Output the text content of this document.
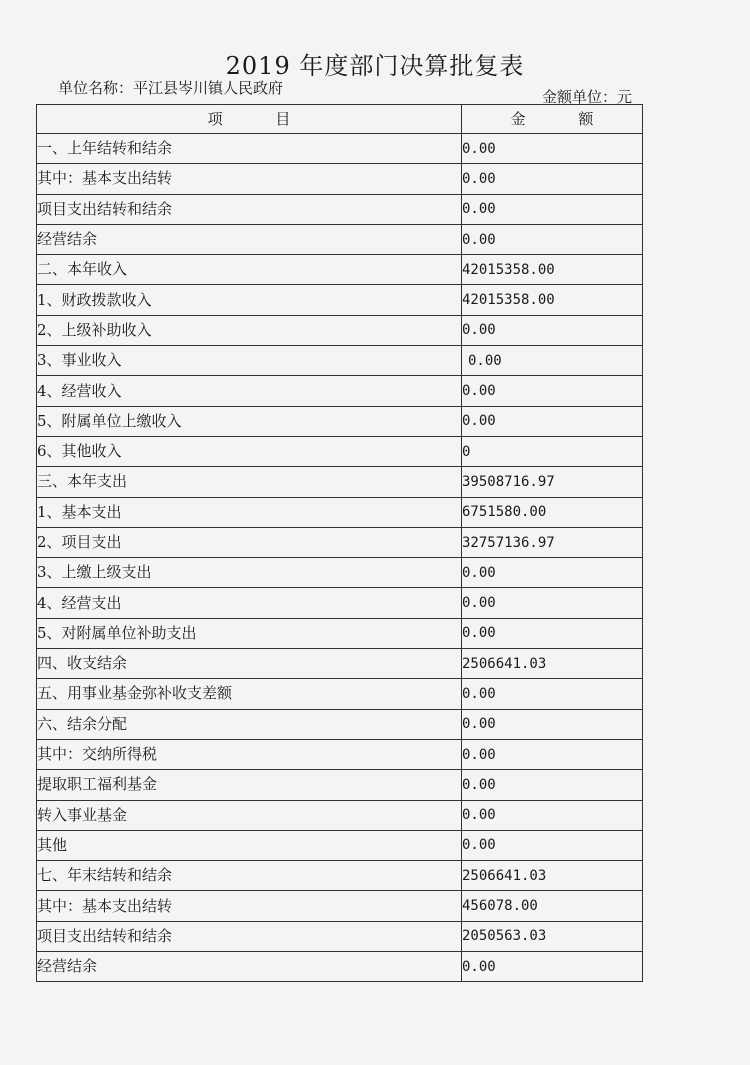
2019 年度部门决算批复表
单位名称：平江县岑川镇人民政府	金额单位：元
项 目	金 额
一、上年结转和结余	0.00
其中：基本支出结转	0.00
项目支出结转和结余	0.00
经营结余	0.00
二、本年收入	42015358.00
1、财政拨款收入	42015358.00
2、上级补助收入	0.00
3、事业收入	0.00
4、经营收入	0.00
5、附属单位上缴收入	0.00
6、其他收入	0
三、本年支出	39508716.97
1、基本支出	6751580.00
2、项目支出	32757136.97
3、上缴上级支出	0.00
4、经营支出	0.00
5、对附属单位补助支出	0.00
四、收支结余	2506641.03
五、用事业基金弥补收支差额	0.00
六、结余分配	0.00
其中：交纳所得税	0.00
提取职工福利基金	0.00
转入事业基金	0.00
其他	0.00
七、年末结转和结余	2506641.03
其中：基本支出结转	456078.00
项目支出结转和结余	2050563.03
经营结余	0.00
